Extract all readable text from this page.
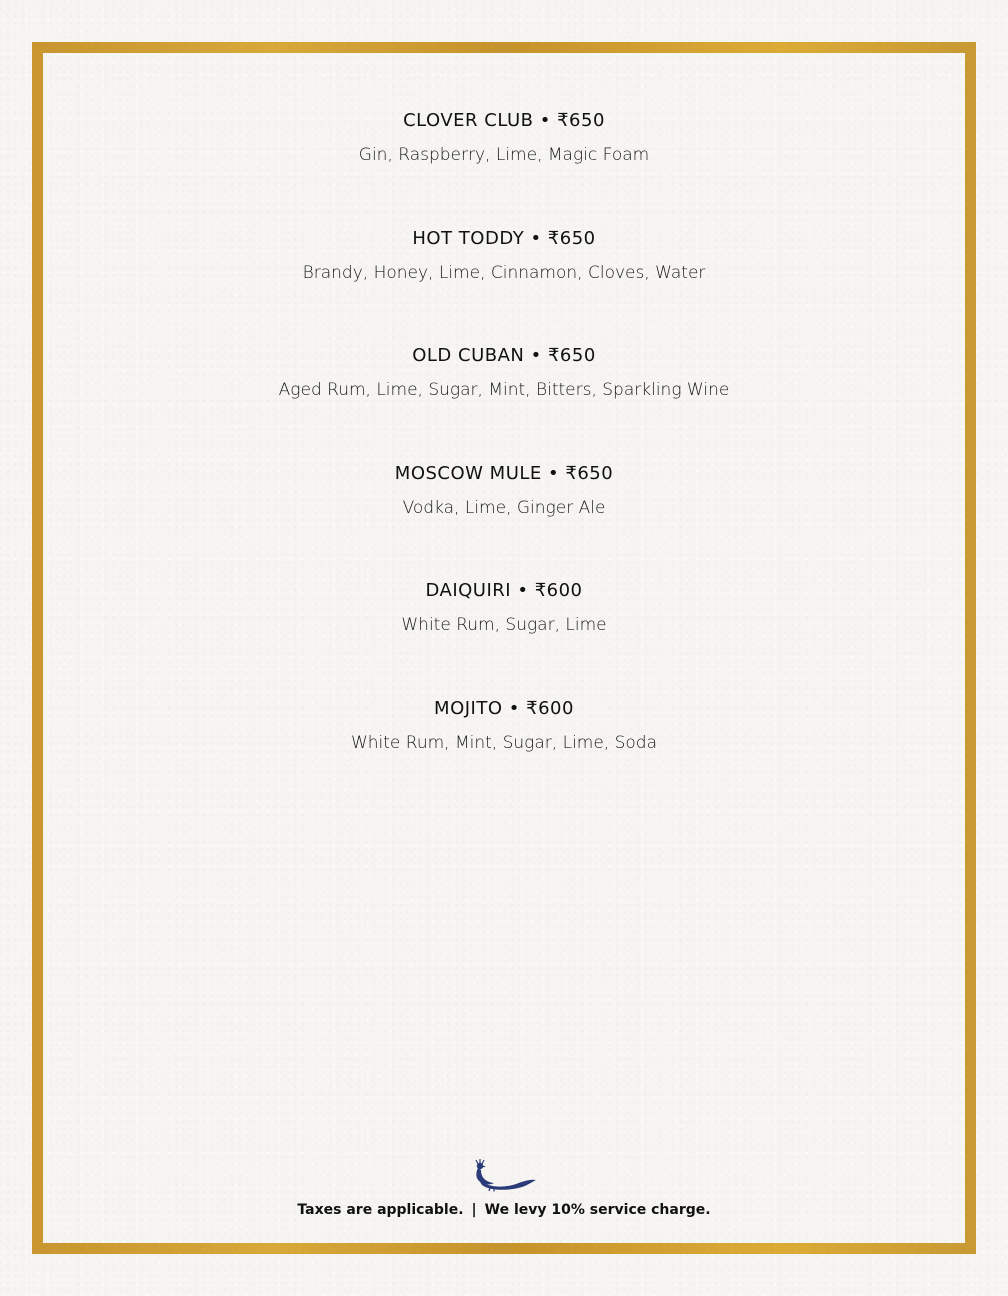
CLOVER CLUB • ₹650
Gin, Raspberry, Lime, Magic Foam
HOT TODDY • ₹650
Brandy, Honey, Lime, Cinnamon, Cloves, Water
OLD CUBAN • ₹650
Aged Rum, Lime, Sugar, Mint, Bitters, Sparkling Wine
MOSCOW MULE • ₹650
Vodka, Lime, Ginger Ale
DAIQUIRI • ₹600
White Rum, Sugar, Lime
MOJITO • ₹600
White Rum, Mint, Sugar, Lime, Soda
Taxes are applicable. | We levy 10% service charge.
